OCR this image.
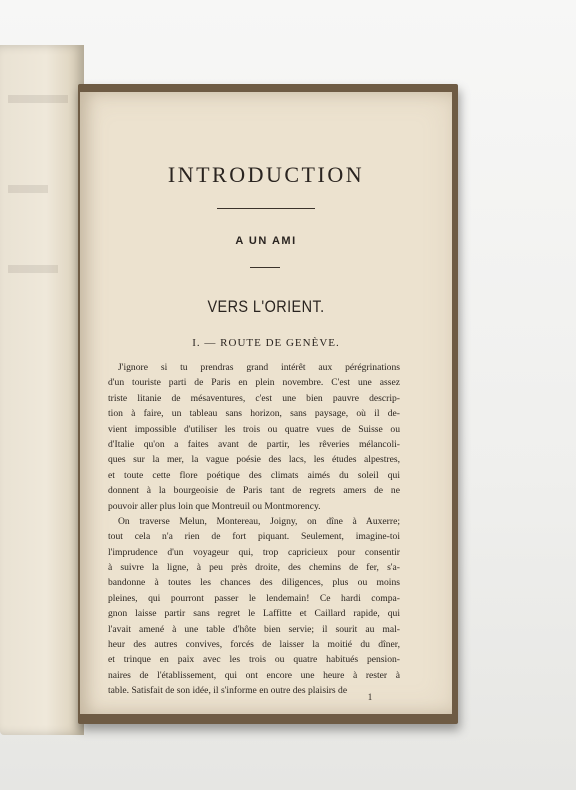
INTRODUCTION
A UN AMI
VERS L'ORIENT.
I. — ROUTE DE GENÈVE.
J'ignore si tu prendras grand intérêt aux pérégrinations
d'un touriste parti de Paris en plein novembre. C'est une assez
triste litanie de mésaventures, c'est une bien pauvre descrip-
tion à faire, un tableau sans horizon, sans paysage, où il de-
vient impossible d'utiliser les trois ou quatre vues de Suisse ou
d'Italie qu'on a faites avant de partir, les rêveries mélancoli-
ques sur la mer, la vague poésie des lacs, les études alpestres,
et toute cette flore poétique des climats aimés du soleil qui
donnent à la bourgeoisie de Paris tant de regrets amers de ne
pouvoir aller plus loin que Montreuil ou Montmorency.
On traverse Melun, Montereau, Joigny, on dîne à Auxerre;
tout cela n'a rien de fort piquant. Seulement, imagine-toi
l'imprudence d'un voyageur qui, trop capricieux pour consentir
à suivre la ligne, à peu près droite, des chemins de fer, s'a-
bandonne à toutes les chances des diligences, plus ou moins
pleines, qui pourront passer le lendemain! Ce hardi compa-
gnon laisse partir sans regret le Laffitte et Caillard rapide, qui
l'avait amené à une table d'hôte bien servie; il sourit au mal-
heur des autres convives, forcés de laisser la moitié du dîner,
et trinque en paix avec les trois ou quatre habitués pension-
naires de l'établissement, qui ont encore une heure à rester à
table. Satisfait de son idée, il s'informe en outre des plaisirs de
1
